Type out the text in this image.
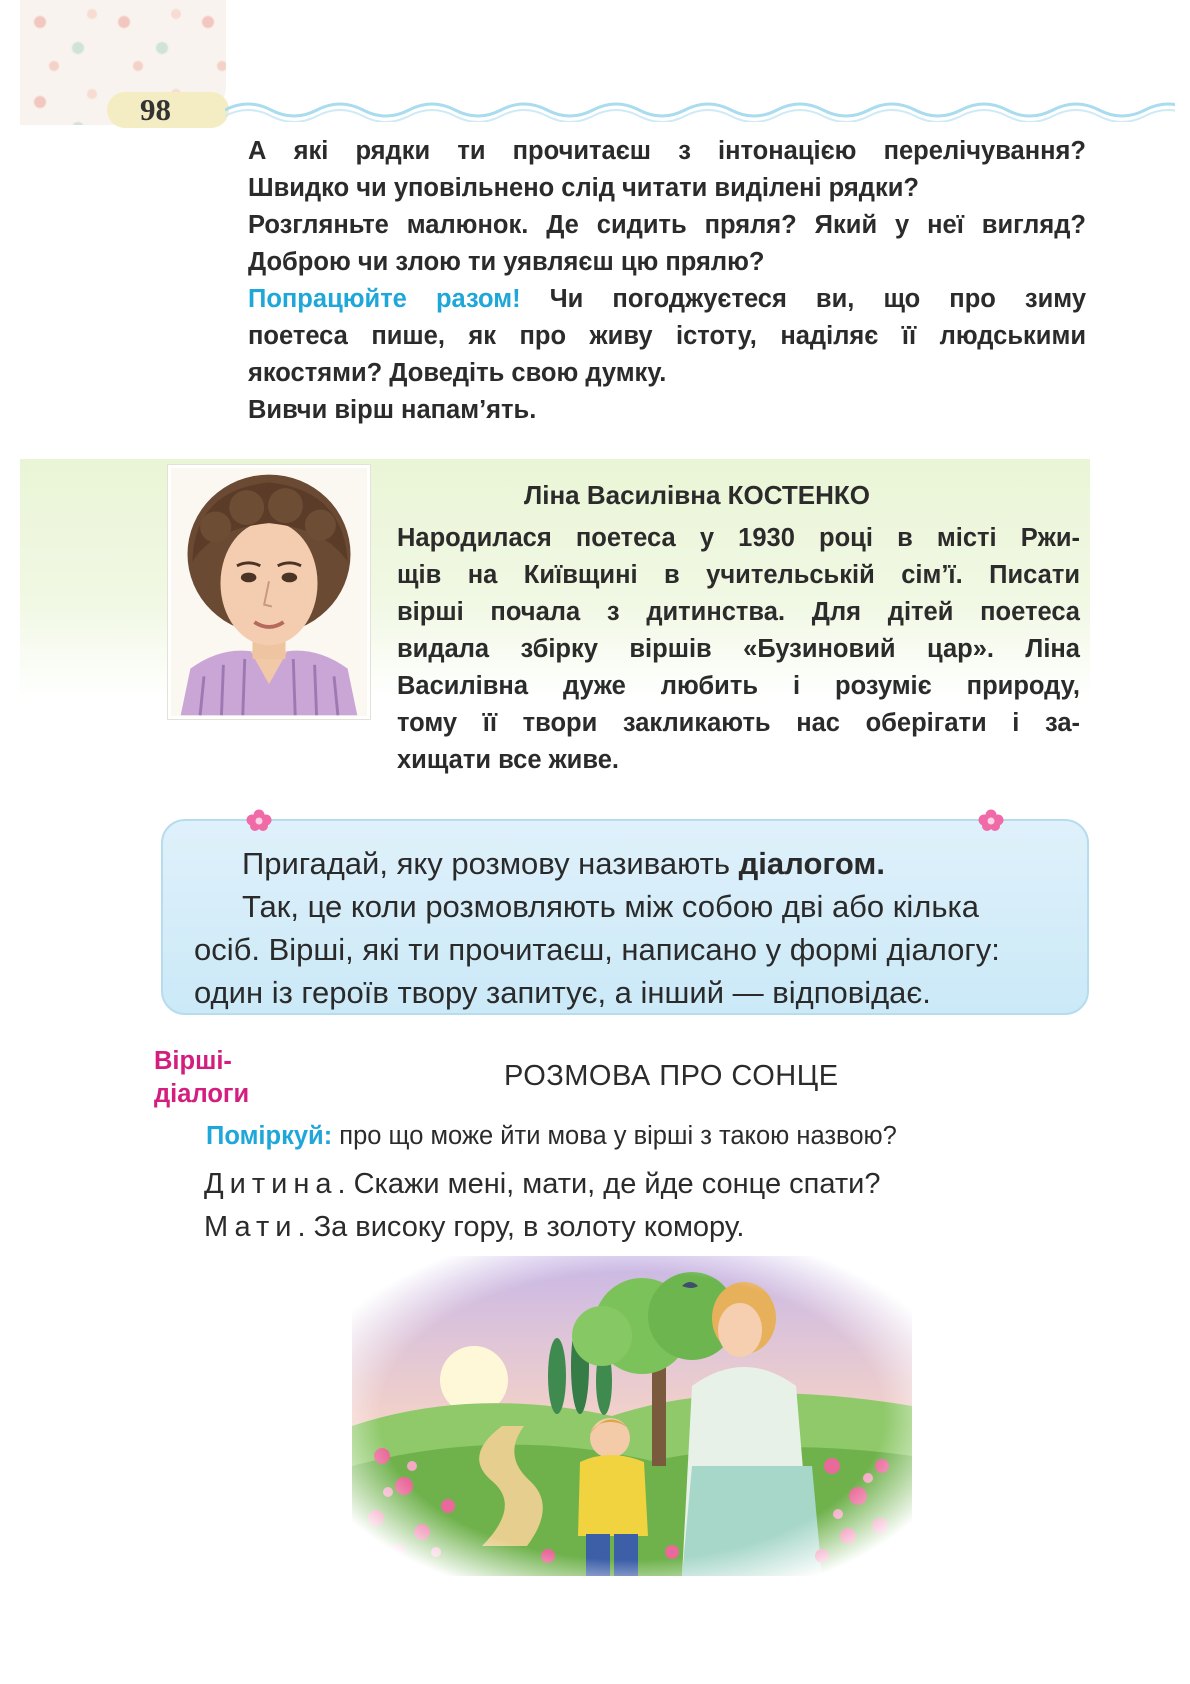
98
А які рядки ти прочитаєш з інтонацією перелічування?
Швидко чи уповільнено слід читати виділені рядки?
Розгляньте малюнок. Де сидить пряля? Який у неї вигляд?
Доброю чи злою ти уявляєш цю прялю?
Попрацюйте разом! Чи погоджуєтеся ви, що про зиму
поетеса пише, як про живу істоту, наділяє її людськими
якостями? Доведіть свою думку.
Вивчи вірш напам’ять.
Ліна Василівна КОСТЕНКО
Народилася поетеса у 1930 році в місті Ржи-
щів на Київщині в учительській сім’ї. Писати
вірші почала з дитинства. Для дітей поетеса
видала збірку віршів «Бузиновий цар». Ліна
Василівна дуже любить і розуміє природу,
тому її твори закликають нас оберігати і за-
хищати все живе.
Пригадай, яку розмову називають діалогом.
Так, це коли розмовляють між собою дві або кілька
осіб. Вірші, які ти прочитаєш, написано у формі діалогу:
один із героїв твору запитує, а інший — відповідає.
Вірші-
діалоги
РОЗМОВА ПРО СОНЦЕ
Поміркуй: про що може йти мова у вірші з такою назвою?
Дитина. Скажи мені, мати, де йде сонце спати?
Мати. За високу гору, в золоту комору.
